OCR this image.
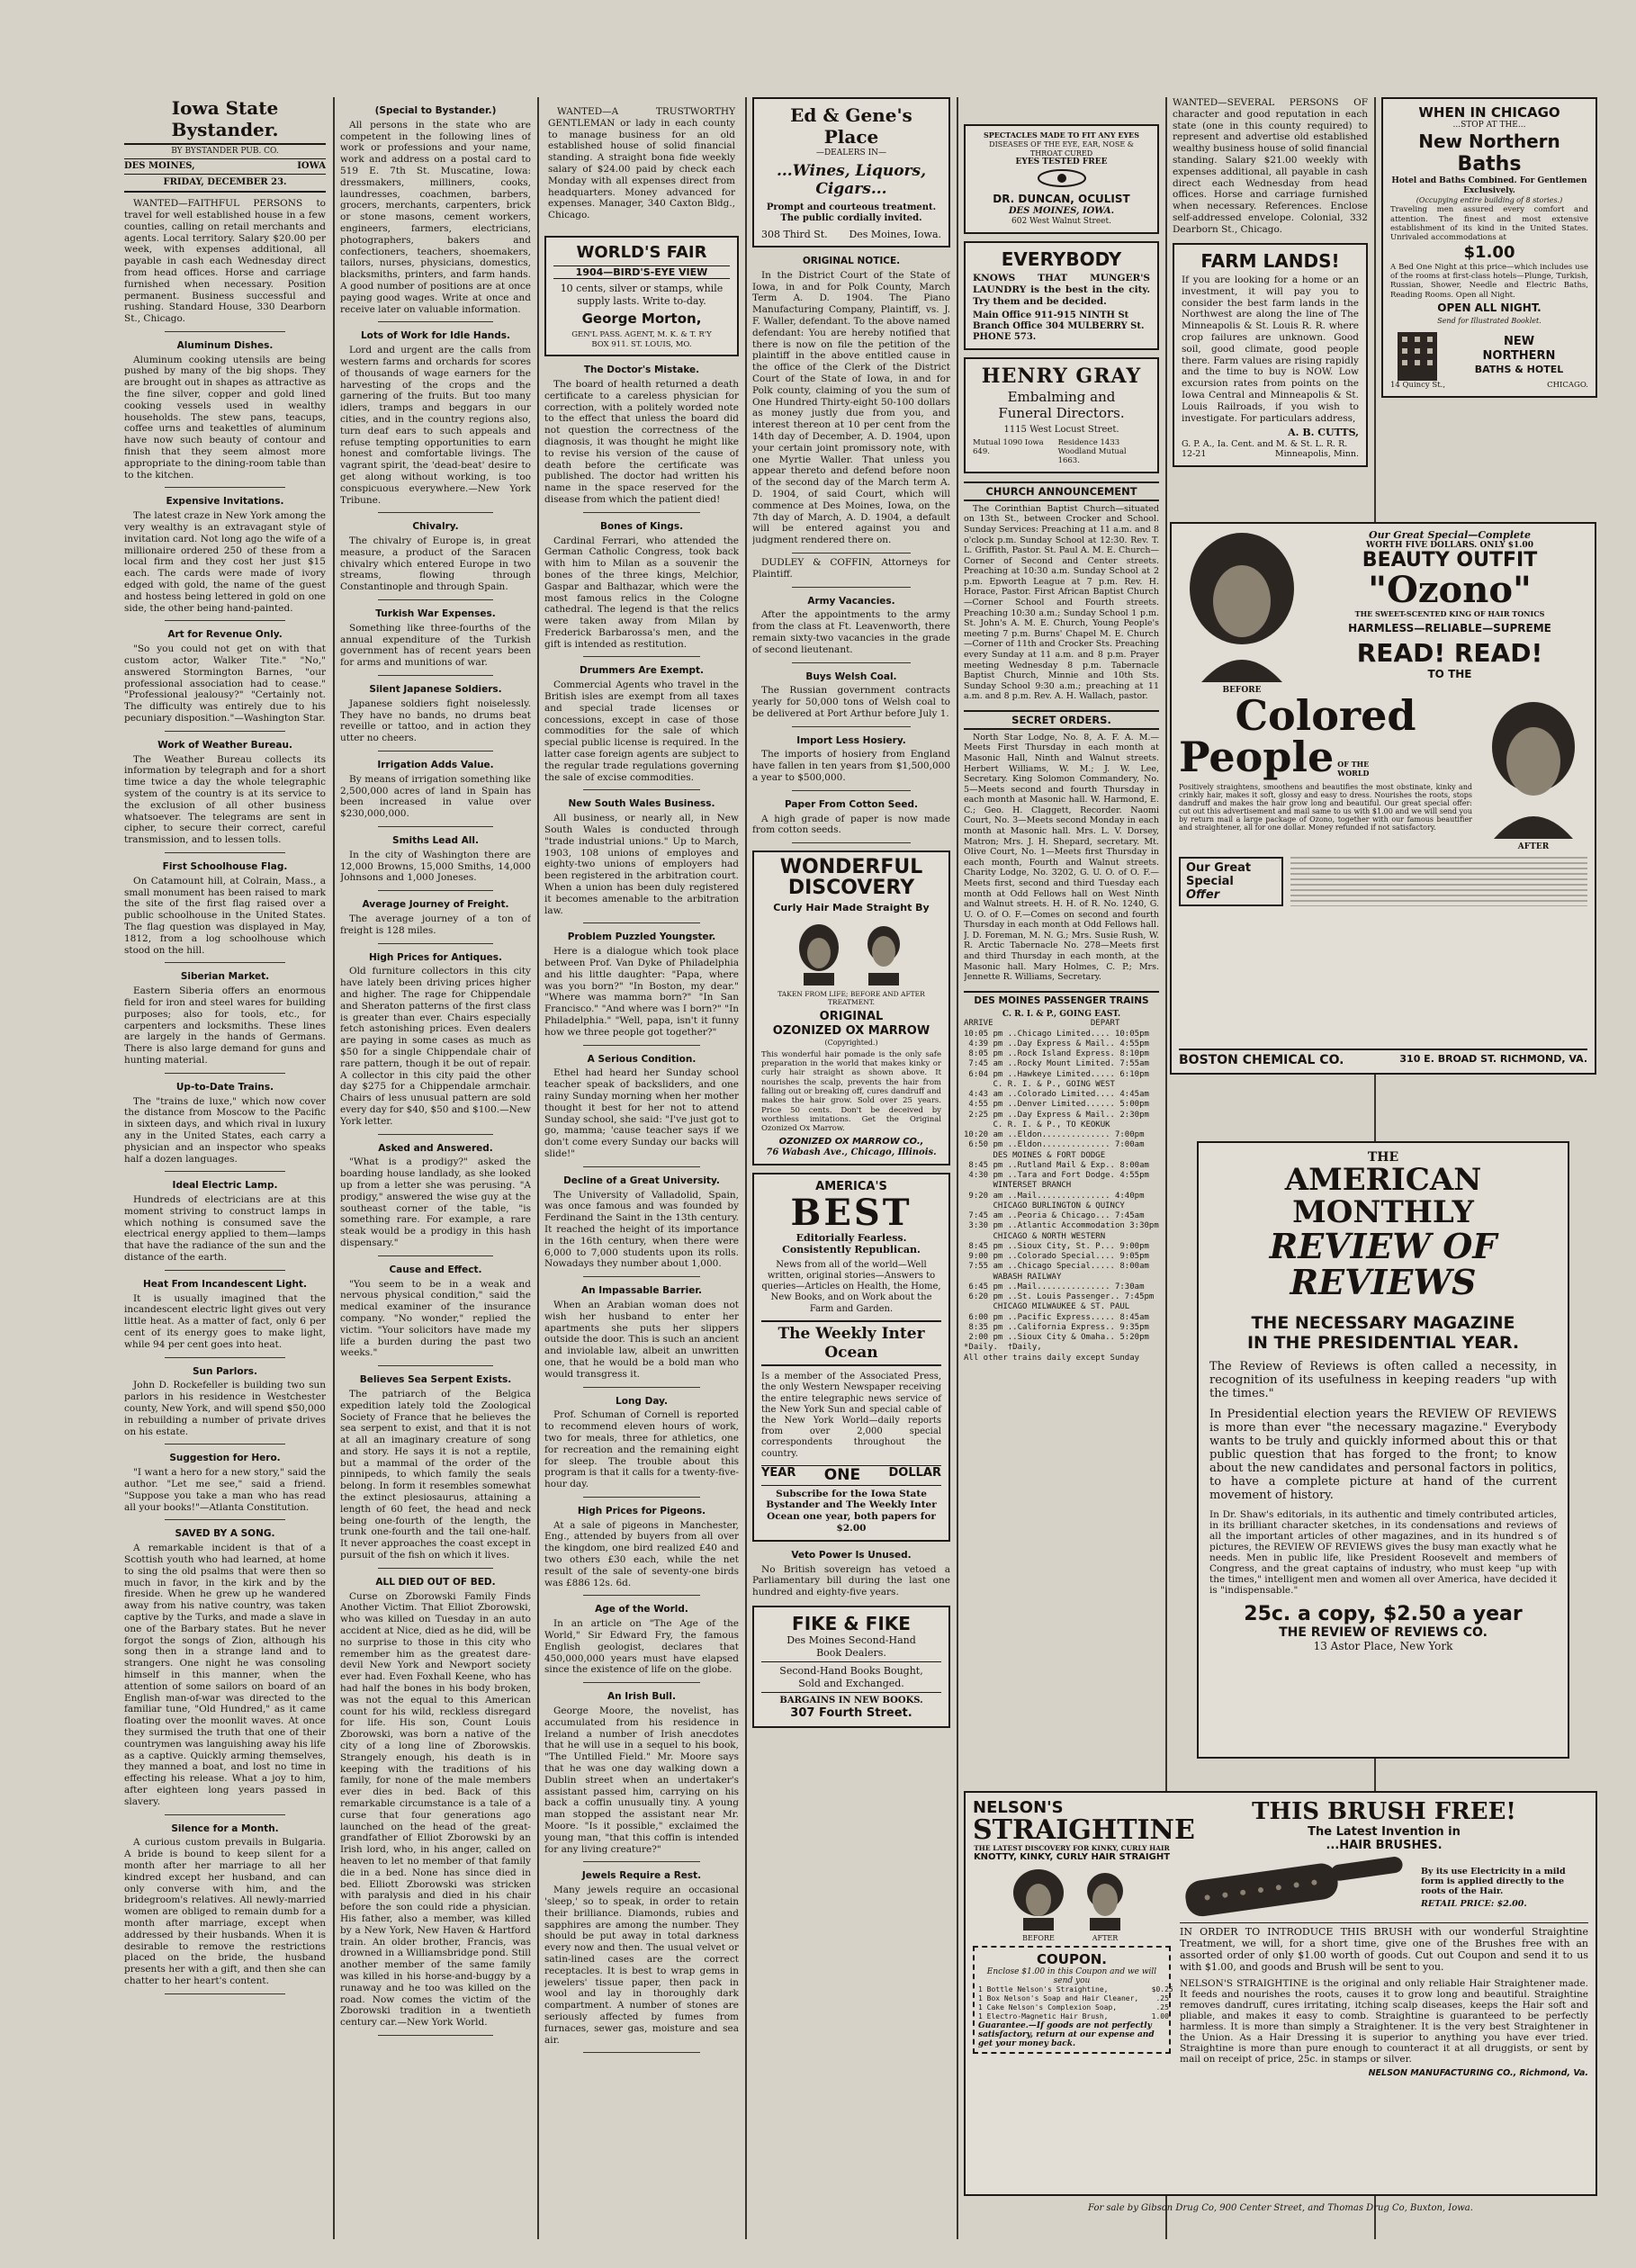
Iowa State Bystander.
BY BYSTANDER PUB. CO.
DES MOINES,	IOWA
FRIDAY, DECEMBER 23.
WANTED—FAITHFUL PERSONS to travel for well established house in a few counties, calling on retail merchants and agents. Local territory. Salary $20.00 per week, with expenses additional, all payable in cash each Wednesday direct from head offices. Horse and carriage furnished when necessary. Position permanent. Business successful and rushing. Standard House, 330 Dearborn St., Chicago.
Aluminum Dishes.
Aluminum cooking utensils are being pushed by many of the big shops. They are brought out in shapes as attractive as the fine silver, copper and gold lined cooking vessels used in wealthy households. The stew pans, teacups, coffee urns and teakettles of aluminum have now such beauty of contour and finish that they seem almost more appropriate to the dining-room table than to the kitchen.
Expensive Invitations.
The latest craze in New York among the very wealthy is an extravagant style of invitation card. Not long ago the wife of a millionaire ordered 250 of these from a local firm and they cost her just $15 each. The cards were made of ivory edged with gold, the name of the guest and hostess being lettered in gold on one side, the other being hand-painted.
Art for Revenue Only.
"So you could not get on with that custom actor, Walker Tite." "No," answered Stormington Barnes, "our professional association had to cease." "Professional jealousy?" "Certainly not. The difficulty was entirely due to his pecuniary disposition."—Washington Star.
Work of Weather Bureau.
The Weather Bureau collects its information by telegraph and for a short time twice a day the whole telegraphic system of the country is at its service to the exclusion of all other business whatsoever. The telegrams are sent in cipher, to secure their correct, careful transmission, and to lessen tolls.
First Schoolhouse Flag.
On Catamount hill, at Colrain, Mass., a small monument has been raised to mark the site of the first flag raised over a public schoolhouse in the United States. The flag question was displayed in May, 1812, from a log schoolhouse which stood on the hill.
Siberian Market.
Eastern Siberia offers an enormous field for iron and steel wares for building purposes; also for tools, etc., for carpenters and locksmiths. These lines are largely in the hands of Germans. There is also large demand for guns and hunting material.
Up-to-Date Trains.
The "trains de luxe," which now cover the distance from Moscow to the Pacific in sixteen days, and which rival in luxury any in the United States, each carry a physician and an inspector who speaks half a dozen languages.
Ideal Electric Lamp.
Hundreds of electricians are at this moment striving to construct lamps in which nothing is consumed save the electrical energy applied to them—lamps that have the radiance of the sun and the distance of the earth.
Heat From Incandescent Light.
It is usually imagined that the incandescent electric light gives out very little heat. As a matter of fact, only 6 per cent of its energy goes to make light, while 94 per cent goes into heat.
Sun Parlors.
John D. Rockefeller is building two sun parlors in his residence in Westchester county, New York, and will spend $50,000 in rebuilding a number of private drives on his estate.
Suggestion for Hero.
"I want a hero for a new story," said the author. "Let me see," said a friend. "Suppose you take a man who has read all your books!"—Atlanta Constitution.
SAVED BY A SONG.
A remarkable incident is that of a Scottish youth who had learned, at home to sing the old psalms that were then so much in favor, in the kirk and by the fireside. When he grew up he wandered away from his native country, was taken captive by the Turks, and made a slave in one of the Barbary states. But he never forgot the songs of Zion, although his song then in a strange land and to strangers. One night he was consoling himself in this manner, when the attention of some sailors on board of an English man-of-war was directed to the familiar tune, "Old Hundred," as it came floating over the moonlit waves. At once they surmised the truth that one of their countrymen was languishing away his life as a captive. Quickly arming themselves, they manned a boat, and lost no time in effecting his release. What a joy to him, after eighteen long years passed in slavery.
Silence for a Month.
A curious custom prevails in Bulgaria. A bride is bound to keep silent for a month after her marriage to all her kindred except her husband, and can only converse with him, and the bridegroom's relatives. All newly-married women are obliged to remain dumb for a month after marriage, except when addressed by their husbands. When it is desirable to remove the restrictions placed on the bride, the husband presents her with a gift, and then she can chatter to her heart's content.
(Special to Bystander.)
All persons in the state who are competent in the following lines of work or professions and your name, work and address on a postal card to 519 E. 7th St. Muscatine, Iowa: dressmakers, milliners, cooks, laundresses, coachmen, barbers, grocers, merchants, carpenters, brick or stone masons, cement workers, engineers, farmers, electricians, photographers, bakers and confectioners, teachers, shoemakers, tailors, nurses, physicians, domestics, blacksmiths, printers, and farm hands. A good number of positions are at once paying good wages. Write at once and receive later on valuable information.
Lots of Work for Idle Hands.
Lord and urgent are the calls from western farms and orchards for scores of thousands of wage earners for the harvesting of the crops and the garnering of the fruits. But too many idlers, tramps and beggars in our cities, and in the country regions also, turn deaf ears to such appeals and refuse tempting opportunities to earn honest and comfortable livings. The vagrant spirit, the 'dead-beat' desire to get along without working, is too conspicuous everywhere.—New York Tribune.
Chivalry.
The chivalry of Europe is, in great measure, a product of the Saracen chivalry which entered Europe in two streams, flowing through Constantinople and through Spain.
Turkish War Expenses.
Something like three-fourths of the annual expenditure of the Turkish government has of recent years been for arms and munitions of war.
Silent Japanese Soldiers.
Japanese soldiers fight noiselessly. They have no bands, no drums beat reveille or tattoo, and in action they utter no cheers.
Irrigation Adds Value.
By means of irrigation something like 2,500,000 acres of land in Spain has been increased in value over $230,000,000.
Smiths Lead All.
In the city of Washington there are 12,000 Browns, 15,000 Smiths, 14,000 Johnsons and 1,000 Joneses.
Average Journey of Freight.
The average journey of a ton of freight is 128 miles.
High Prices for Antiques.
Old furniture collectors in this city have lately been driving prices higher and higher. The rage for Chippendale and Sheraton patterns of the first class is greater than ever. Chairs especially fetch astonishing prices. Even dealers are paying in some cases as much as $50 for a single Chippendale chair of rare pattern, though it be out of repair. A collector in this city paid the other day $275 for a Chippendale armchair. Chairs of less unusual pattern are sold every day for $40, $50 and $100.—New York letter.
Asked and Answered.
"What is a prodigy?" asked the boarding house landlady, as she looked up from a letter she was perusing. "A prodigy," answered the wise guy at the southeast corner of the table, "is something rare. For example, a rare steak would be a prodigy in this hash dispensary."
Cause and Effect.
"You seem to be in a weak and nervous physical condition," said the medical examiner of the insurance company. "No wonder," replied the victim. "Your solicitors have made my life a burden during the past two weeks."
Believes Sea Serpent Exists.
The patriarch of the Belgica expedition lately told the Zoological Society of France that he believes the sea serpent to exist, and that it is not at all an imaginary creature of song and story. He says it is not a reptile, but a mammal of the order of the pinnipeds, to which family the seals belong. In form it resembles somewhat the extinct plesiosaurus, attaining a length of 60 feet, the head and neck being one-fourth of the length, the trunk one-fourth and the tail one-half. It never approaches the coast except in pursuit of the fish on which it lives.
ALL DIED OUT OF BED.
Curse on Zborowski Family Finds Another Victim. That Elliot Zborowski, who was killed on Tuesday in an auto accident at Nice, died as he did, will be no surprise to those in this city who remember him as the greatest dare-devil New York and Newport society ever had. Even Foxhall Keene, who has had half the bones in his body broken, was not the equal to this American count for his wild, reckless disregard for life. His son, Count Louis Zborowski, was born a native of the city of a long line of Zborowskis. Strangely enough, his death is in keeping with the traditions of his family, for none of the male members ever dies in bed. Back of this remarkable circumstance is a tale of a curse that four generations ago launched on the head of the great-grandfather of Elliot Zborowski by an Irish lord, who, in his anger, called on heaven to let no member of that family die in a bed. None has since died in bed. Elliott Zborowski was stricken with paralysis and died in his chair before the son could ride a physician. His father, also a member, was killed by a New York, New Haven & Hartford train. An older brother, Francis, was drowned in a Williamsbridge pond. Still another member of the same family was killed in his horse-and-buggy by a runaway and he too was killed on the road. Now comes the victim of the Zborowski tradition in a twentieth century car.—New York World.
WANTED—A TRUSTWORTHY GENTLEMAN or lady in each county to manage business for an old established house of solid financial standing. A straight bona fide weekly salary of $24.00 paid by check each Monday with all expenses direct from headquarters. Money advanced for expenses. Manager, 340 Caxton Bldg., Chicago.
WORLD'S FAIR
1904—BIRD'S-EYE VIEW
10 cents, silver or stamps, while supply lasts. Write to-day.
George Morton,
GEN'L PASS. AGENT, M. K. & T. R'Y
BOX 911. ST. LOUIS, MO.
The Doctor's Mistake.
The board of health returned a death certificate to a careless physician for correction, with a politely worded note to the effect that unless the board did not question the correctness of the diagnosis, it was thought he might like to revise his version of the cause of death before the certificate was published. The doctor had written his name in the space reserved for the disease from which the patient died!
Bones of Kings.
Cardinal Ferrari, who attended the German Catholic Congress, took back with him to Milan as a souvenir the bones of the three kings, Melchior, Gaspar and Balthazar, which were the most famous relics in the Cologne cathedral. The legend is that the relics were taken away from Milan by Frederick Barbarossa's men, and the gift is intended as restitution.
Drummers Are Exempt.
Commercial Agents who travel in the British isles are exempt from all taxes and special trade licenses or concessions, except in case of those commodities for the sale of which special public license is required. In the latter case foreign agents are subject to the regular trade regulations governing the sale of excise commodities.
New South Wales Business.
All business, or nearly all, in New South Wales is conducted through "trade industrial unions." Up to March, 1903, 108 unions of employes and eighty-two unions of employers had been registered in the arbitration court. When a union has been duly registered it becomes amenable to the arbitration law.
Problem Puzzled Youngster.
Here is a dialogue which took place between Prof. Van Dyke of Philadelphia and his little daughter: "Papa, where was you born?" "In Boston, my dear." "Where was mamma born?" "In San Francisco." "And where was I born?" "In Philadelphia." "Well, papa, isn't it funny how we three people got together?"
A Serious Condition.
Ethel had heard her Sunday school teacher speak of backsliders, and one rainy Sunday morning when her mother thought it best for her not to attend Sunday school, she said: "I've just got to go, mamma; 'cause teacher says if we don't come every Sunday our backs will slide!"
Decline of a Great University.
The University of Valladolid, Spain, was once famous and was founded by Ferdinand the Saint in the 13th century. It reached the height of its importance in the 16th century, when there were 6,000 to 7,000 students upon its rolls. Nowadays they number about 1,000.
An Impassable Barrier.
When an Arabian woman does not wish her husband to enter her apartments she puts her slippers outside the door. This is such an ancient and inviolable law, albeit an unwritten one, that he would be a bold man who would transgress it.
Long Day.
Prof. Schuman of Cornell is reported to recommend eleven hours of work, two for meals, three for athletics, one for recreation and the remaining eight for sleep. The trouble about this program is that it calls for a twenty-five-hour day.
High Prices for Pigeons.
At a sale of pigeons in Manchester, Eng., attended by buyers from all over the kingdom, one bird realized £40 and two others £30 each, while the net result of the sale of seventy-one birds was £886 12s. 6d.
Age of the World.
In an article on "The Age of the World," Sir Edward Fry, the famous English geologist, declares that 450,000,000 years must have elapsed since the existence of life on the globe.
An Irish Bull.
George Moore, the novelist, has accumulated from his residence in Ireland a number of Irish anecdotes that he will use in a sequel to his book, "The Untilled Field." Mr. Moore says that he was one day walking down a Dublin street when an undertaker's assistant passed him, carrying on his back a coffin unusually tiny. A young man stopped the assistant near Mr. Moore. "Is it possible," exclaimed the young man, "that this coffin is intended for any living creature?"
Jewels Require a Rest.
Many jewels require an occasional 'sleep,' so to speak, in order to retain their brilliance. Diamonds, rubies and sapphires are among the number. They should be put away in total darkness every now and then. The usual velvet or satin-lined cases are the correct receptacles. It is best to wrap gems in jewelers' tissue paper, then pack in wool and lay in thoroughly dark compartment. A number of stones are seriously affected by fumes from furnaces, sewer gas, moisture and sea air.
Ed & Gene's Place
—DEALERS IN—
...Wines, Liquors, Cigars...
Prompt and courteous treatment.
The public cordially invited.
308 Third St. Des Moines, Iowa.
ORIGINAL NOTICE.
In the District Court of the State of Iowa, in and for Polk County, March Term A. D. 1904. The Piano Manufacturing Company, Plaintiff, vs. J. F. Waller, defendant. To the above named defendant: You are hereby notified that there is now on file the petition of the plaintiff in the above entitled cause in the office of the Clerk of the District Court of the State of Iowa, in and for Polk county, claiming of you the sum of One Hundred Thirty-eight 50-100 dollars as money justly due from you, and interest thereon at 10 per cent from the 14th day of December, A. D. 1904, upon your certain joint promissory note, with one Myrtie Waller. That unless you appear thereto and defend before noon of the second day of the March term A. D. 1904, of said Court, which will commence at Des Moines, Iowa, on the 7th day of March, A. D. 1904, a default will be entered against you and judgment rendered there on.
DUDLEY & COFFIN, Attorneys for Plaintiff.
Army Vacancies.
After the appointments to the army from the class at Ft. Leavenworth, there remain sixty-two vacancies in the grade of second lieutenant.
Buys Welsh Coal.
The Russian government contracts yearly for 50,000 tons of Welsh coal to be delivered at Port Arthur before July 1.
Import Less Hosiery.
The imports of hosiery from England have fallen in ten years from $1,500,000 a year to $500,000.
Paper From Cotton Seed.
A high grade of paper is now made from cotton seeds.
WONDERFUL
DISCOVERY
Curly Hair Made Straight By
TAKEN FROM LIFE; BEFORE AND AFTER TREATMENT.
ORIGINAL
OZONIZED OX MARROW
(Copyrighted.)
This wonderful hair pomade is the only safe preparation in the world that makes kinky or curly hair straight as shown above. It nourishes the scalp, prevents the hair from falling out or breaking off, cures dandruff and makes the hair grow. Sold over 25 years. Price 50 cents. Don't be deceived by worthless imitations. Get the Original Ozonized Ox Marrow.
OZONIZED OX MARROW CO.,
76 Wabash Ave., Chicago, Illinois.
AMERICA'S
BEST
Editorially Fearless.
Consistently Republican.
News from all of the world—Well written, original stories—Answers to queries—Articles on Health, the Home, New Books, and on Work about the Farm and Garden.
The Weekly Inter Ocean
Is a member of the Associated Press, the only Western Newspaper receiving the entire telegraphic news service of the New York Sun and special cable of the New York World—daily reports from over 2,000 special correspondents throughout the country.
YEAR ONE DOLLAR
Subscribe for the Iowa State Bystander and The Weekly Inter Ocean one year, both papers for $2.00
Veto Power Is Unused.
No British sovereign has vetoed a Parliamentary bill during the last one hundred and eighty-five years.
FIKE & FIKE
Des Moines Second-Hand
Book Dealers.
Second-Hand Books Bought,
Sold and Exchanged.
BARGAINS IN NEW BOOKS.
307 Fourth Street.
SPECTACLES MADE TO FIT ANY EYES
DISEASES OF THE EYE, EAR, NOSE & THROAT CURED
EYES TESTED FREE
DR. DUNCAN, OCULIST
DES MOINES, IOWA.
602 West Walnut Street.
EVERYBODY
KNOWS THAT MUNGER'S LAUNDRY is the best in the city. Try them and be decided.
Main Office 911-915 NINTH St
Branch Office 304 MULBERRY St.
PHONE 573.
HENRY GRAY
Embalming and
Funeral Directors.
1115 West Locust Street.
Mutual 1090 Iowa 649.
Residence 1433 Woodland Mutual 1663.
CHURCH ANNOUNCEMENT
The Corinthian Baptist Church—situated on 13th St., between Crocker and School. Sunday Services: Preaching at 11 a.m. and 8 o'clock p.m. Sunday School at 12:30. Rev. T. L. Griffith, Pastor. St. Paul A. M. E. Church—Corner of Second and Center streets. Preaching at 10:30 a.m. Sunday School at 2 p.m. Epworth League at 7 p.m. Rev. H. Horace, Pastor. First African Baptist Church—Corner School and Fourth streets. Preaching 10:30 a.m.; Sunday School 1 p.m. St. John's A. M. E. Church, Young People's meeting 7 p.m. Burns' Chapel M. E. Church—Corner of 11th and Crocker Sts. Preaching every Sunday at 11 a.m. and 8 p.m. Prayer meeting Wednesday 8 p.m. Tabernacle Baptist Church, Minnie and 10th Sts. Sunday School 9:30 a.m.; preaching at 11 a.m. and 8 p.m. Rev. A. H. Wallach, pastor.
SECRET ORDERS.
North Star Lodge, No. 8, A. F. A. M.—Meets First Thursday in each month at Masonic Hall, Ninth and Walnut streets. Herbert Williams, W. M.; J. W. Lee, Secretary. King Solomon Commandery, No. 5—Meets second and fourth Thursday in each month at Masonic hall. W. Harmond, E. C.; Geo. H. Claggett, Recorder. Naomi Court, No. 3—Meets second Monday in each month at Masonic hall. Mrs. L. V. Dorsey, Matron; Mrs. J. H. Shepard, secretary. Mt. Olive Court, No. 1—Meets first Thursday in each month, Fourth and Walnut streets. Charity Lodge, No. 3202, G. U. O. of O. F.—Meets first, second and third Tuesday each month at Odd Fellows hall on West Ninth and Walnut streets. H. H. of R. No. 1240, G. U. O. of O. F.—Comes on second and fourth Thursday in each month at Odd Fellows hall. J. D. Foreman, M. N. G.; Mrs. Susie Rush, W. R. Arctic Tabernacle No. 278—Meets first and third Thursday in each month, at the Masonic hall. Mary Holmes, C. P.; Mrs. Jennette R. Williams, Secretary.
DES MOINES PASSENGER TRAINS
C. R. I. & P., GOING EAST.
ARRIVE                    DEPART
10:05 pm ..Chicago Limited.... 10:05pm
4:39 pm ..Day Express & Mail.. 4:55pm
8:05 pm ..Rock Island Express. 8:10pm
7:45 am ..Rocky Mount Limited. 7:55am
6:04 pm ..Hawkeye Limited..... 6:10pm
C. R. I. & P., GOING WEST
4:43 am ..Colorado Limited.... 4:45am
4:55 pm ..Denver Limited...... 5:00pm
2:25 pm ..Day Express & Mail.. 2:30pm
C. R. I. & P., TO KEOKUK
10:20 am ..Eldon.............. 7:00pm
6:50 pm ..Eldon.............. 7:00am
DES MOINES & FORT DODGE
8:45 pm ..Rutland Mail & Exp.. 8:00am
4:30 pm ..Tara and Fort Dodge. 4:55pm
WINTERSET BRANCH
9:20 am ..Mail............... 4:40pm
CHICAGO BURLINGTON & QUINCY
7:45 am ..Peoria & Chicago... 7:45am
3:30 pm ..Atlantic Accommodation 3:30pm
CHICAGO & NORTH WESTERN
8:45 pm ..Sioux City, St. P... 9:00pm
9:00 pm ..Colorado Special.... 9:05pm
7:55 am ..Chicago Special..... 8:00am
WABASH RAILWAY
6:45 pm ..Mail............... 7:30am
6:20 pm ..St. Louis Passenger.. 7:45pm
CHICAGO MILWAUKEE & ST. PAUL
6:00 pm ..Pacific Express..... 8:45am
8:35 pm ..California Express.. 9:35pm
2:00 pm ..Sioux City & Omaha.. 5:20pm
*Daily.  †Daily,
All other trains daily except Sunday
WANTED—SEVERAL PERSONS OF character and good reputation in each state (one in this county required) to represent and advertise old established wealthy business house of solid financial standing. Salary $21.00 weekly with expenses additional, all payable in cash direct each Wednesday from head offices. Horse and carriage furnished when necessary. References. Enclose self-addressed envelope. Colonial, 332 Dearborn St., Chicago.
FARM LANDS!
If you are looking for a home or an investment, it will pay you to consider the best farm lands in the Northwest are along the line of The Minneapolis & St. Louis R. R. where crop failures are unknown. Good soil, good climate, good people there. Farm values are rising rapidly and the time to buy is NOW. Low excursion rates from points on the Iowa Central and Minneapolis & St. Louis Railroads, if you wish to investigate. For particulars address,
A. B. CUTTS,
G. P. A., Ia. Cent. and M. & St. L. R. R.
12-21	Minneapolis, Minn.
WHEN IN CHICAGO
...STOP AT THE...
New Northern
Baths
Hotel and Baths Combined. For Gentlemen Exclusively.
(Occupying entire building of 8 stories.)
Traveling men assured every comfort and attention. The finest and most extensive establishment of its kind in the United States. Unrivaled accommodations at
$1.00
A Bed One Night at this price—which includes use of the rooms at first-class hotels—Plunge, Turkish, Russian, Shower, Needle and Electric Baths, Reading Rooms. Open all Night.
OPEN ALL NIGHT.
Send for Illustrated Booklet.
NEW
NORTHERN
BATHS & HOTEL
14 Quincy St.,	CHICAGO.
BEFORE
Our Great Special—Complete
WORTH FIVE DOLLARS. ONLY $1.00
BEAUTY OUTFIT
"Ozono"
THE SWEET-SCENTED KING OF HAIR TONICS
HARMLESS—RELIABLE—SUPREME
READ! READ!
TO THE
Colored
People OF THE WORLD
Positively straightens, smoothens and beautifies the most obstinate, kinky and crinkly hair, makes it soft, glossy and easy to dress. Nourishes the roots, stops dandruff and makes the hair grow long and beautiful. Our great special offer: cut out this advertisement and mail same to us with $1.00 and we will send you by return mail a large package of Ozono, together with our famous beautifier and straightener, all for one dollar. Money refunded if not satisfactory.
AFTER
Our Great
Special
Offer
BOSTON CHEMICAL CO.	310 E. BROAD ST. RICHMOND, VA.
THE
AMERICAN MONTHLY
REVIEW OF REVIEWS
THE NECESSARY MAGAZINE
IN THE PRESIDENTIAL YEAR.
The Review of Reviews is often called a necessity, in recognition of its usefulness in keeping readers "up with the times."
In Presidential election years the REVIEW OF REVIEWS is more than ever "the necessary magazine." Everybody wants to be truly and quickly informed about this or that public question that has forged to the front; to know about the new candidates and personal factors in politics, to have a complete picture at hand of the current movement of history.
In Dr. Shaw's editorials, in its authentic and timely contributed articles, in its brilliant character sketches, in its condensations and reviews of all the important articles of other magazines, and in its hundred s of pictures, the REVIEW OF REVIEWS gives the busy man exactly what he needs. Men in public life, like President Roosevelt and members of Congress, and the great captains of industry, who must keep "up with the times," intelligent men and women all over America, have decided it is "indispensable."
25c. a copy, $2.50 a year
THE REVIEW OF REVIEWS CO.
13 Astor Place, New York
NELSON'S
STRAIGHTINE
THE LATEST DISCOVERY FOR KINKY, CURLY HAIR
KNOTTY, KINKY, CURLY HAIR STRAIGHT
BEFORE	AFTER
COUPON.
Enclose $1.00 in this Coupon and we will send you
1 Bottle Nelson's Straightine,          $0.25
1 Box Nelson's Soap and Hair Cleaner,    .25
1 Cake Nelson's Complexion Soap,         .25
1 Electro-Magnetic Hair Brush,          1.00
Guarantee.—If goods are not perfectly satisfactory, return at our expense and get your money back.
THIS BRUSH FREE!
The Latest Invention in
...HAIR BRUSHES.
By its use Electricity in a mild form is applied directly to the roots of the Hair.
RETAIL PRICE: $2.00.
IN ORDER TO INTRODUCE THIS BRUSH with our wonderful Straightine Treatment, we will, for a short time, give one of the Brushes free with an assorted order of only $1.00 worth of goods. Cut out Coupon and send it to us with $1.00, and goods and Brush will be sent to you.
NELSON'S STRAIGHTINE is the original and only reliable Hair Straightener made. It feeds and nourishes the roots, causes it to grow long and beautiful. Straightine removes dandruff, cures irritating, itching scalp diseases, keeps the Hair soft and pliable, and makes it easy to comb. Straightine is guaranteed to be perfectly harmless. It is more than simply a Straightener. It is the very best Straightener in the Union. As a Hair Dressing it is superior to anything you have ever tried. Straightine is more than pure enough to counteract it at all druggists, or sent by mail on receipt of price, 25c. in stamps or silver.
NELSON MANUFACTURING CO., Richmond, Va.
For sale by Gibson Drug Co, 900 Center Street, and Thomas Drug Co, Buxton, Iowa.
